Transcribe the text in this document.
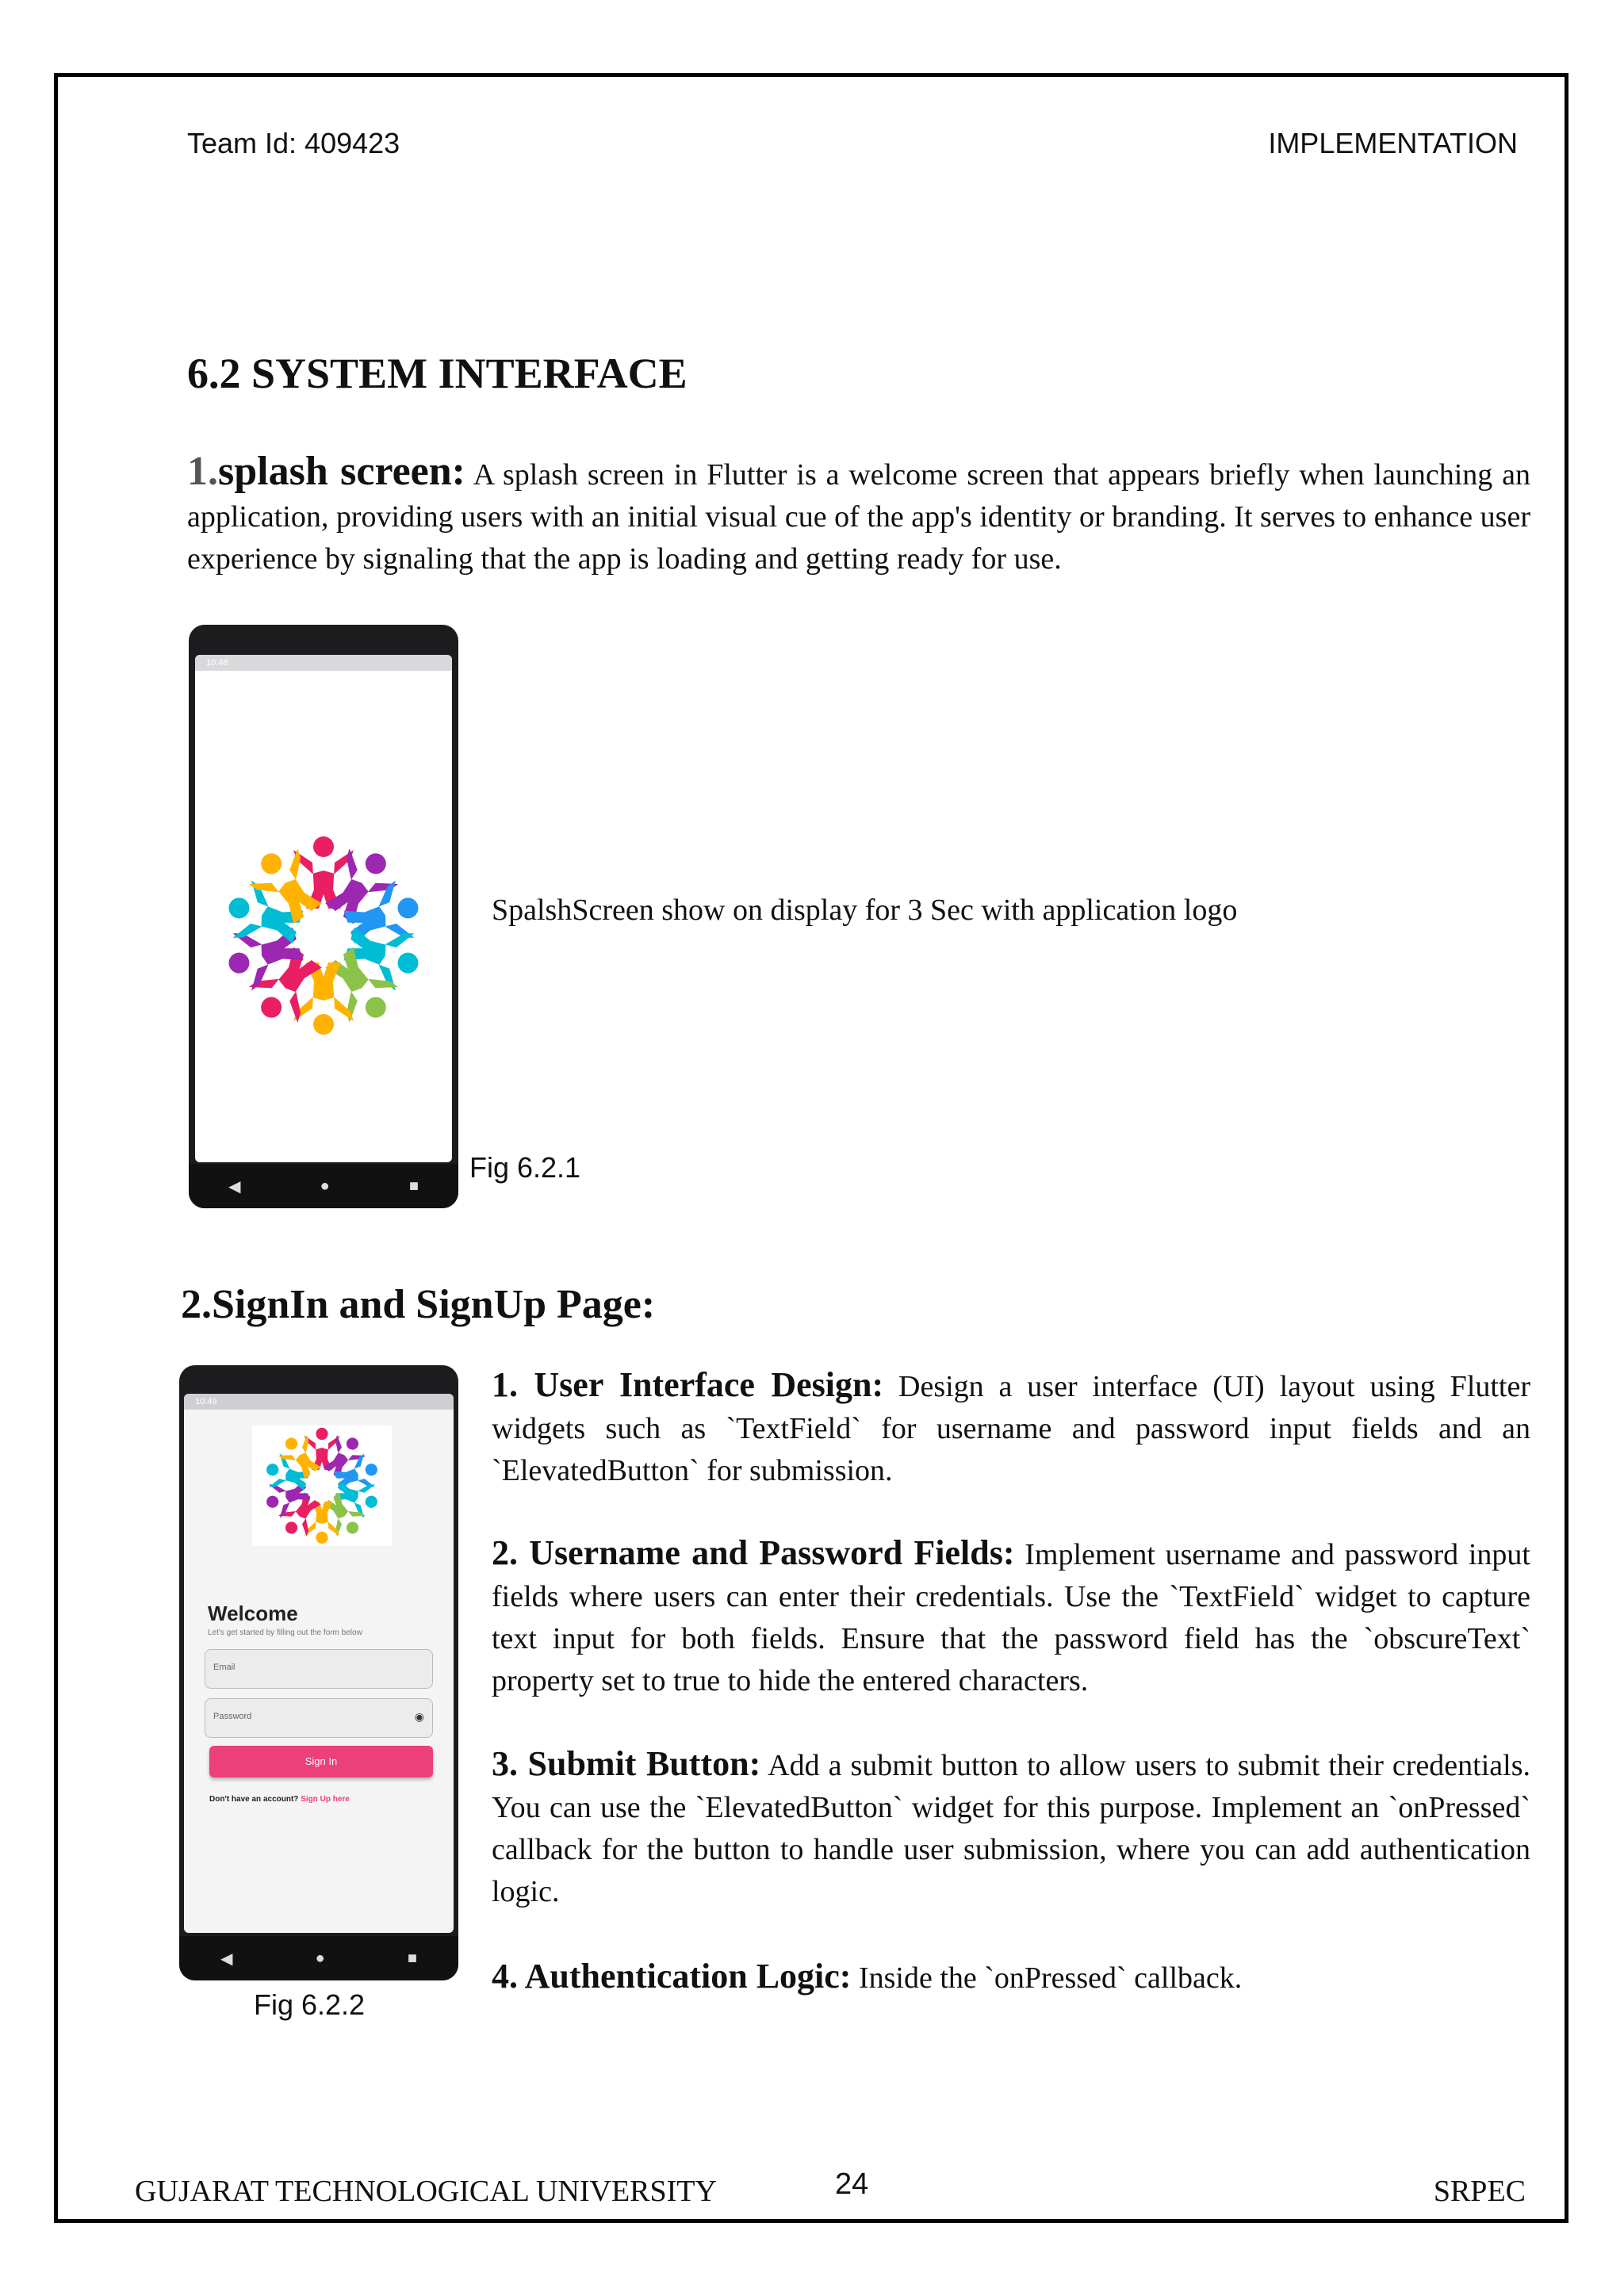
Team Id: 409423	IMPLEMENTATION
6.2 SYSTEM INTERFACE
1.splash screen: A splash screen in Flutter is a welcome screen that appears briefly when launching an application, providing users with an initial visual cue of the app's identity or branding. It serves to enhance user experience by signaling that the app is loading and getting ready for use.
10:48
◀	●	■
SpalshScreen show on display for 3 Sec with application logo
Fig 6.2.1
2.SignIn and SignUp Page:
10:49
Welcome
Let's get started by filling out the form below
Email
Password	◉
Sign In
Don't have an account? Sign Up here
◀	●	■
Fig 6.2.2
1. User Interface Design: Design a user interface (UI) layout using Flutter widgets such as `TextField` for username and password input fields and an `ElevatedButton` for submission.
2. Username and Password Fields: Implement username and password input fields where users can enter their credentials. Use the `TextField` widget to capture text input for both fields. Ensure that the password field has the `obscureText` property set to true to hide the entered characters.
3. Submit Button: Add a submit button to allow users to submit their credentials. You can use the `ElevatedButton` widget for this purpose. Implement an `onPressed` callback for the button to handle user submission, where you can add authentication logic.
4. Authentication Logic: Inside the `onPressed` callback.
GUJARAT TECHNOLOGICAL UNIVERSITY	24	SRPEC
